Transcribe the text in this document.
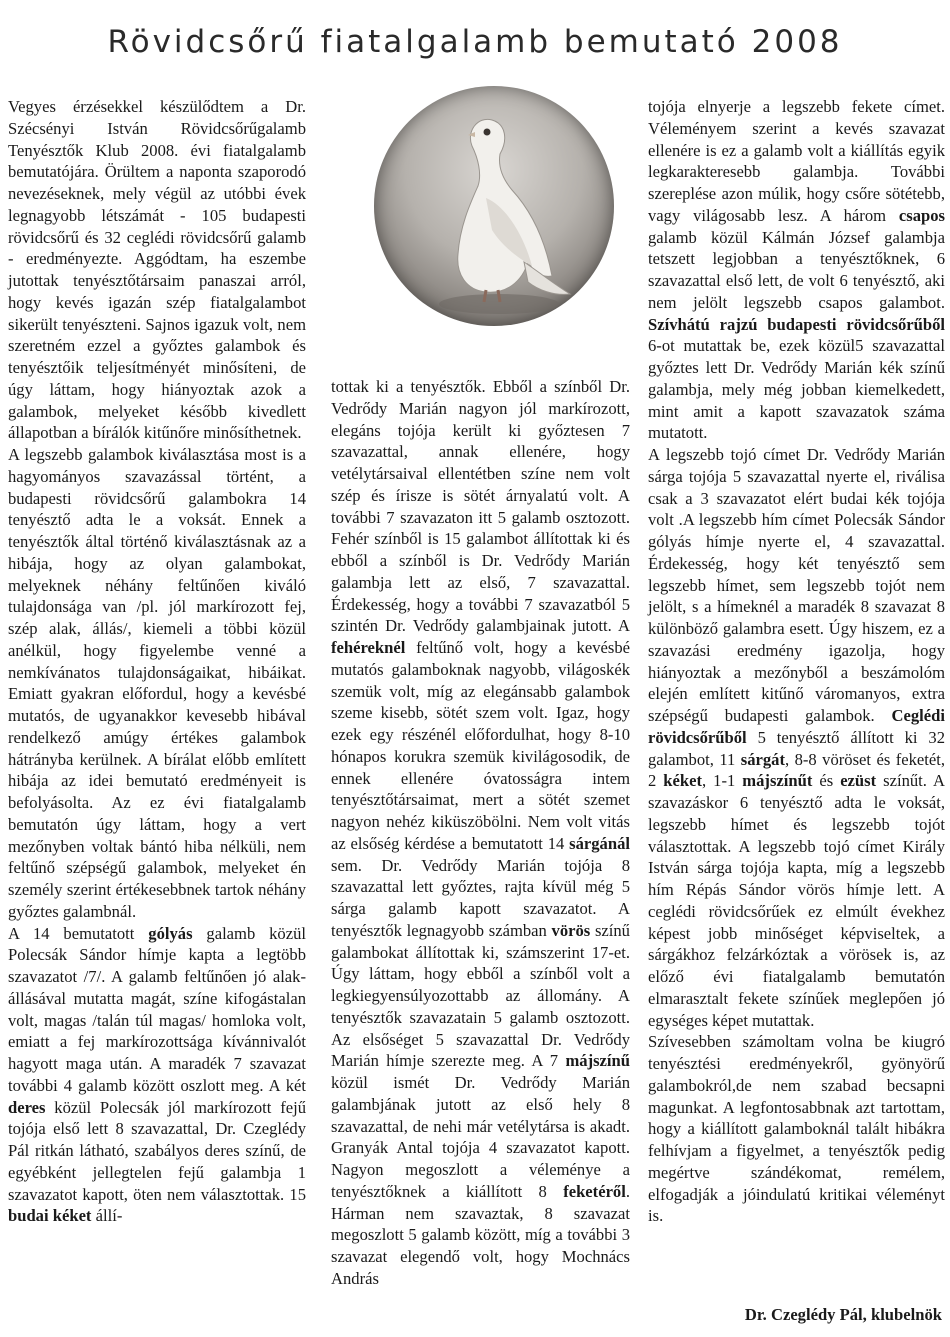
Rövidcsőrű fiatalgalamb bemutató 2008

Vegyes érzésekkel készülődtem a Dr. Szécsényi István Rövidcsőrűgalamb Tenyésztők Klub 2008. évi fiatalgalamb bemutatójára. Örültem a naponta szaporodó nevezéseknek, mely végül az utóbbi évek legnagyobb létszámát - 105 budapesti rövidcsőrű és 32 ceglédi rövidcsőrű galamb - eredményezte. Aggódtam, ha eszembe jutottak tenyésztőtársaim panaszai arról, hogy kevés igazán szép fiatalgalambot sikerült tenyészteni. Sajnos igazuk volt, nem szeretném ezzel a győztes galambok és tenyésztőik teljesítményét minősíteni, de úgy láttam, hogy hiányoztak azok a galambok, melyeket később kivedlett állapotban a bírálók kitűnőre minősíthetnek.

A legszebb galambok kiválasztása most is a hagyományos szavazással történt, a budapesti rövidcsőrű galambokra 14 tenyésztő adta le a voksát. Ennek a tenyésztők által történő kiválasztásnak az a hibája, hogy az olyan galambokat, melyeknek néhány feltűnően kiváló tulajdonsága van /pl. jól markírozott fej, szép alak, állás/, kiemeli a többi közül anélkül, hogy figyelembe venné a nemkívánatos tulajdonságaikat, hibáikat. Emiatt gyakran előfordul, hogy a kevésbé mutatós, de ugyanakkor kevesebb hibával rendelkező amúgy értékes galambok hátrányba kerülnek. A bírálat előbb említett hibája az idei bemutató eredményeit is befolyásolta. Az ez évi fiatalgalamb bemutatón úgy láttam, hogy a vert mezőnyben voltak bántó hiba nélküli, nem feltűnő szépségű galambok, melyeket én személy szerint értékesebbnek tartok néhány győztes galambnál.

A 14 bemutatott gólyás galamb közül Polecsák Sándor hímje kapta a legtöbb szavazatot /7/. A galamb feltűnően jó alak-állásával mutatta magát, színe kifogástalan volt, magas /talán túl magas/ homloka volt, emiatt a fej markírozottsága kívánnivalót hagyott maga után. A maradék 7 szavazat további 4 galamb között oszlott meg. A két deres közül Polecsák jól markírozott fejű tojója első lett 8 szavazattal, Dr. Czeglédy Pál ritkán látható, szabályos deres színű, de egyébként jellegtelen fejű galambja 1 szavazatot kapott, öten nem választottak. 15 budai kéket állí-

tottak ki a tenyésztők. Ebből a színből Dr. Vedrődy Marián nagyon jól markírozott, elegáns tojója került ki győztesen 7 szavazattal, annak ellenére, hogy vetélytársaival ellentétben színe nem volt szép és írisze is sötét árnyalatú volt. A további 7 szavazaton itt 5 galamb osztozott. Fehér színből is 15 galambot állítottak ki és ebből a színből is Dr. Vedrődy Marián galambja lett az első, 7 szavazattal. Érdekesség, hogy a további 7 szavazatból 5 szintén Dr. Vedrődy galambjainak jutott. A fehéreknél feltűnő volt, hogy a kevésbé mutatós galamboknak nagyobb, világoskék szemük volt, míg az elegánsabb galambok szeme kisebb, sötét szem volt. Igaz, hogy ezek egy részénél előfordulhat, hogy 8-10 hónapos korukra szemük kivilágosodik, de ennek ellenére óvatosságra intem tenyésztőtársaimat, mert a sötét szemet nagyon nehéz kiküszöbölni. Nem volt vitás az elsőség kérdése a bemutatott 14 sárgánál sem. Dr. Vedrődy Marián tojója 8 szavazattal lett győztes, rajta kívül még 5 sárga galamb kapott szavazatot. A tenyésztők legnagyobb számban vörös színű galambokat állítottak ki, számszerint 17-et. Úgy láttam, hogy ebből a színből volt a legkiegyensúlyozottabb az állomány. A tenyésztők szavazatain 5 galamb osztozott. Az elsőséget 5 szavazattal Dr. Vedrődy Marián hímje szerezte meg. A 7 májszínű közül ismét Dr. Vedrődy Marián galambjának jutott az első hely 8 szavazattal, de nehi már vetélytársa is akadt. Granyák Antal tojója 4 szavazatot kapott. Nagyon megoszlott a véleménye a tenyésztőknek a kiállított 8 feketéről. Hárman nem szavaztak, 8 szavazat megoszlott 5 galamb között, míg a további 3 szavazat elegendő volt, hogy Mochnács András

tojója elnyerje a legszebb fekete címet. Véleményem szerint a kevés szavazat ellenére is ez a galamb volt a kiállítás egyik legkarakteresebb galambja. További szereplése azon múlik, hogy csőre sötétebb, vagy világosabb lesz. A három csapos galamb közül Kálmán József galambja tetszett legjobban a tenyésztőknek, 6 szavazattal első lett, de volt 6 tenyésztő, aki nem jelölt legszebb csapos galambot. Szívhátú rajzú budapesti rövidcsőrűből 6-ot mutattak be, ezek közül5 szavazattal győztes lett Dr. Vedrődy Marián kék színű galambja, mely még jobban kiemelkedett, mint amit a kapott szavazatok száma mutatott.

A legszebb tojó címet Dr. Vedrődy Marián sárga tojója 5 szavazattal nyerte el, riválisa csak a 3 szavazatot elért budai kék tojója volt .A legszebb hím címet Polecsák Sándor gólyás hímje nyerte el, 4 szavazattal. Érdekesség, hogy két tenyésztő sem legszebb hímet, sem legszebb tojót nem jelölt, s a hímeknél a maradék 8 szavazat 8 különböző galambra esett. Úgy hiszem, ez a szavazási eredmény igazolja, hogy hiányoztak a mezőnyből a beszámolóm elején említett kitűnő váromanyos, extra szépségű budapesti galambok. Ceglédi rövidcsőrűből 5 tenyésztő állított ki 32 galambot, 11 sárgát, 8-8 vöröset és feketét, 2 kéket, 1-1 májszínűt és ezüst színűt. A szavazáskor 6 tenyésztő adta le voksát, legszebb hímet és legszebb tojót választottak. A legszebb tojó címet Király István sárga tojója kapta, míg a legszebb hím Répás Sándor vörös hímje lett. A ceglédi rövidcsőrűek ez elmúlt évekhez képest jobb minőséget képviseltek, a sárgákhoz felzárkóztak a vörösek is, az előző évi fiatalgalamb bemutatón elmarasztalt fekete színűek meglepően jó egységes képet mutattak.

Szívesebben számoltam volna be kiugró tenyésztési eredményekről, gyönyörű galambokról,de nem szabad becsapni magunkat. A legfontosabbnak azt tartottam, hogy a kiállított galamboknál talált hibákra felhívjam a figyelmet, a tenyésztők pedig megértve szándékomat, remélem, elfogadják a jóindulatú kritikai véleményt is.

Dr. Czeglédy Pál, klubelnök
